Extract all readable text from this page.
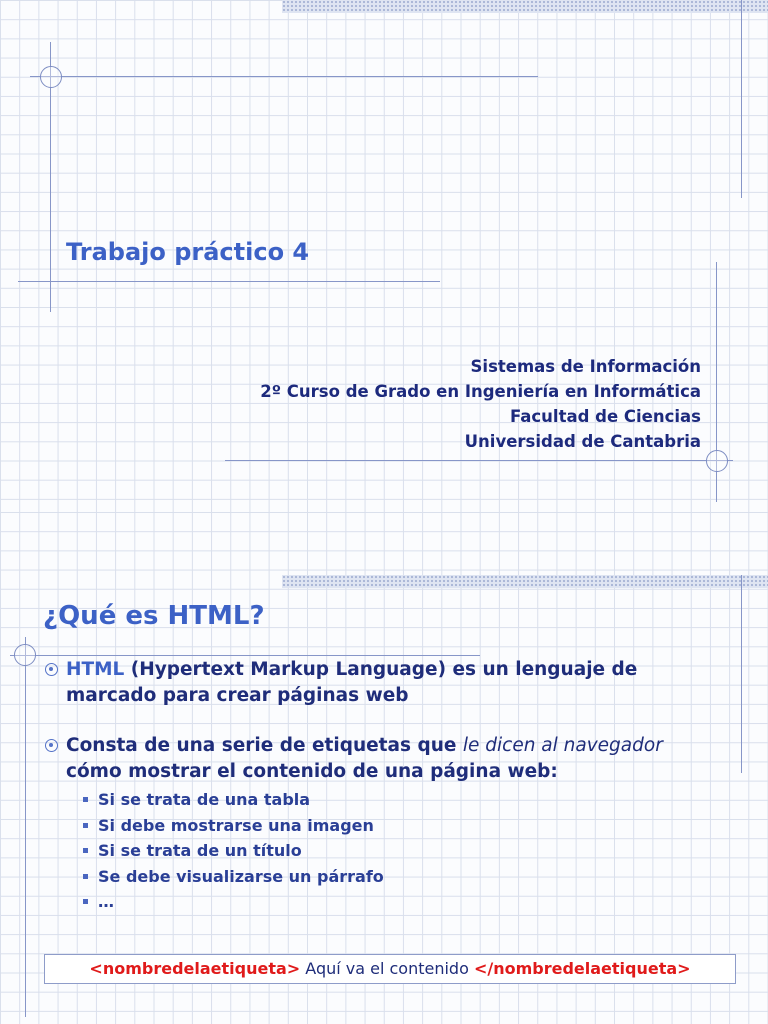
Trabajo práctico 4
Sistemas de Información
2º Curso de Grado en Ingeniería en Informática
Facultad de Ciencias
Universidad de Cantabria
¿Qué es HTML?
HTML (Hypertext Markup Language) es un lenguaje de
marcado para crear páginas web
Consta de una serie de etiquetas que le dicen al navegador
cómo mostrar el contenido de una página web:
Si se trata de una tabla
Si debe mostrarse una imagen
Si se trata de un título
Se debe visualizarse un párrafo
…
<nombredelaetiqueta> Aquí va el contenido </nombredelaetiqueta>
